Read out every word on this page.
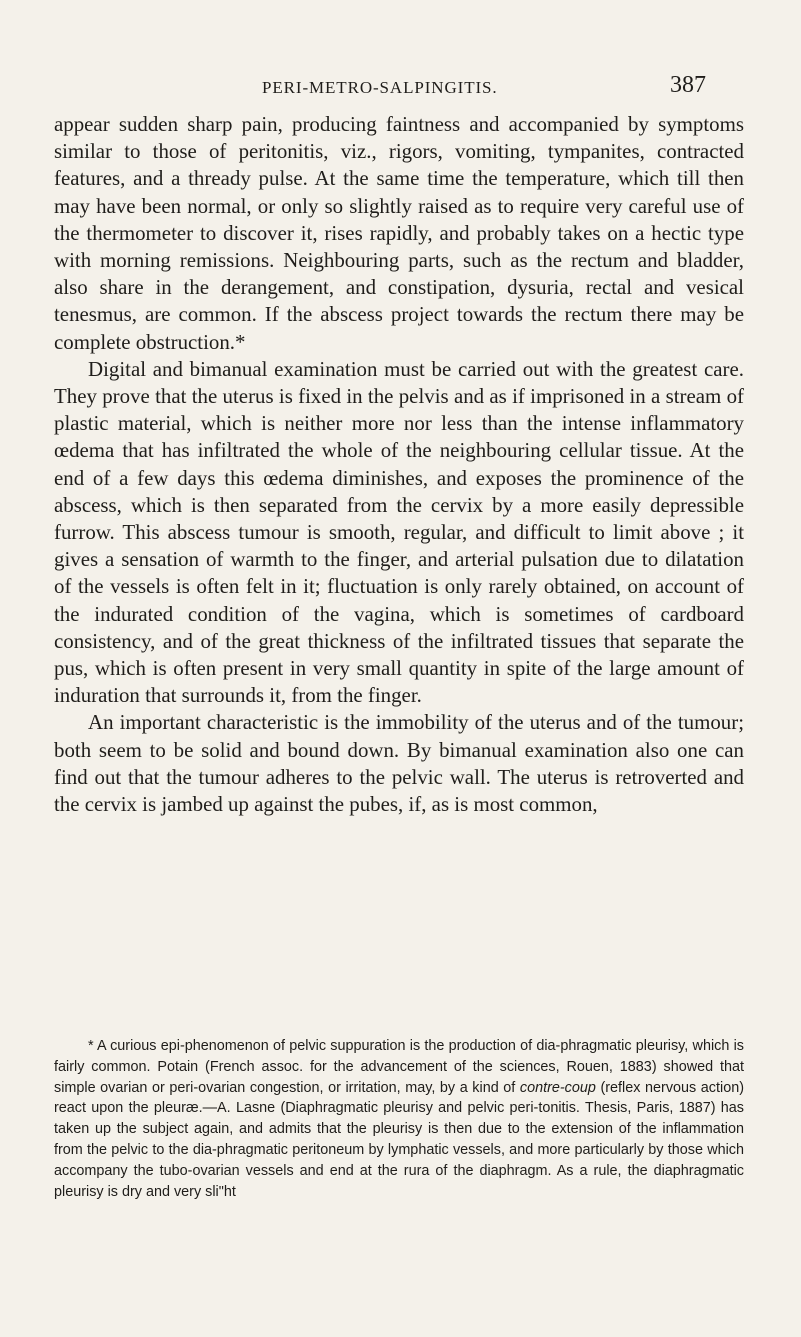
PERI-METRO-SALPINGITIS.	387

appear sudden sharp pain, producing faintness and accompanied by symptoms similar to those of peritonitis, viz., rigors, vomiting, tympanites, contracted features, and a thready pulse. At the same time the temperature, which till then may have been normal, or only so slightly raised as to require very careful use of the thermometer to discover it, rises rapidly, and probably takes on a hectic type with morning remissions. Neighbouring parts, such as the rectum and bladder, also share in the derangement, and constipation, dysuria, rectal and vesical tenesmus, are common. If the abscess project towards the rectum there may be complete obstruction.*

Digital and bimanual examination must be carried out with the greatest care. They prove that the uterus is fixed in the pelvis and as if imprisoned in a stream of plastic material, which is neither more nor less than the intense inflammatory œdema that has infiltrated the whole of the neighbouring cellular tissue. At the end of a few days this œdema diminishes, and exposes the prominence of the abscess, which is then separated from the cervix by a more easily depressible furrow. This abscess tumour is smooth, regular, and difficult to limit above ; it gives a sensation of warmth to the finger, and arterial pulsation due to dilatation of the vessels is often felt in it; fluctuation is only rarely obtained, on account of the indurated condition of the vagina, which is sometimes of cardboard consistency, and of the great thickness of the infiltrated tissues that separate the pus, which is often present in very small quantity in spite of the large amount of induration that surrounds it, from the finger.

An important characteristic is the immobility of the uterus and of the tumour; both seem to be solid and bound down. By bimanual examination also one can find out that the tumour adheres to the pelvic wall. The uterus is retroverted and the cervix is jambed up against the pubes, if, as is most common,

* A curious epi-phenomenon of pelvic suppuration is the production of dia-phragmatic pleurisy, which is fairly common. Potain (French assoc. for the advancement of the sciences, Rouen, 1883) showed that simple ovarian or peri-ovarian congestion, or irritation, may, by a kind of contre-coup (reflex nervous action) react upon the pleuræ.—A. Lasne (Diaphragmatic pleurisy and pelvic peri-tonitis. Thesis, Paris, 1887) has taken up the subject again, and admits that the pleurisy is then due to the extension of the inflammation from the pelvic to the dia-phragmatic peritoneum by lymphatic vessels, and more particularly by those which accompany the tubo-ovarian vessels and end at the rura of the diaphragm. As a rule, the diaphragmatic pleurisy is dry and very sli"ht
